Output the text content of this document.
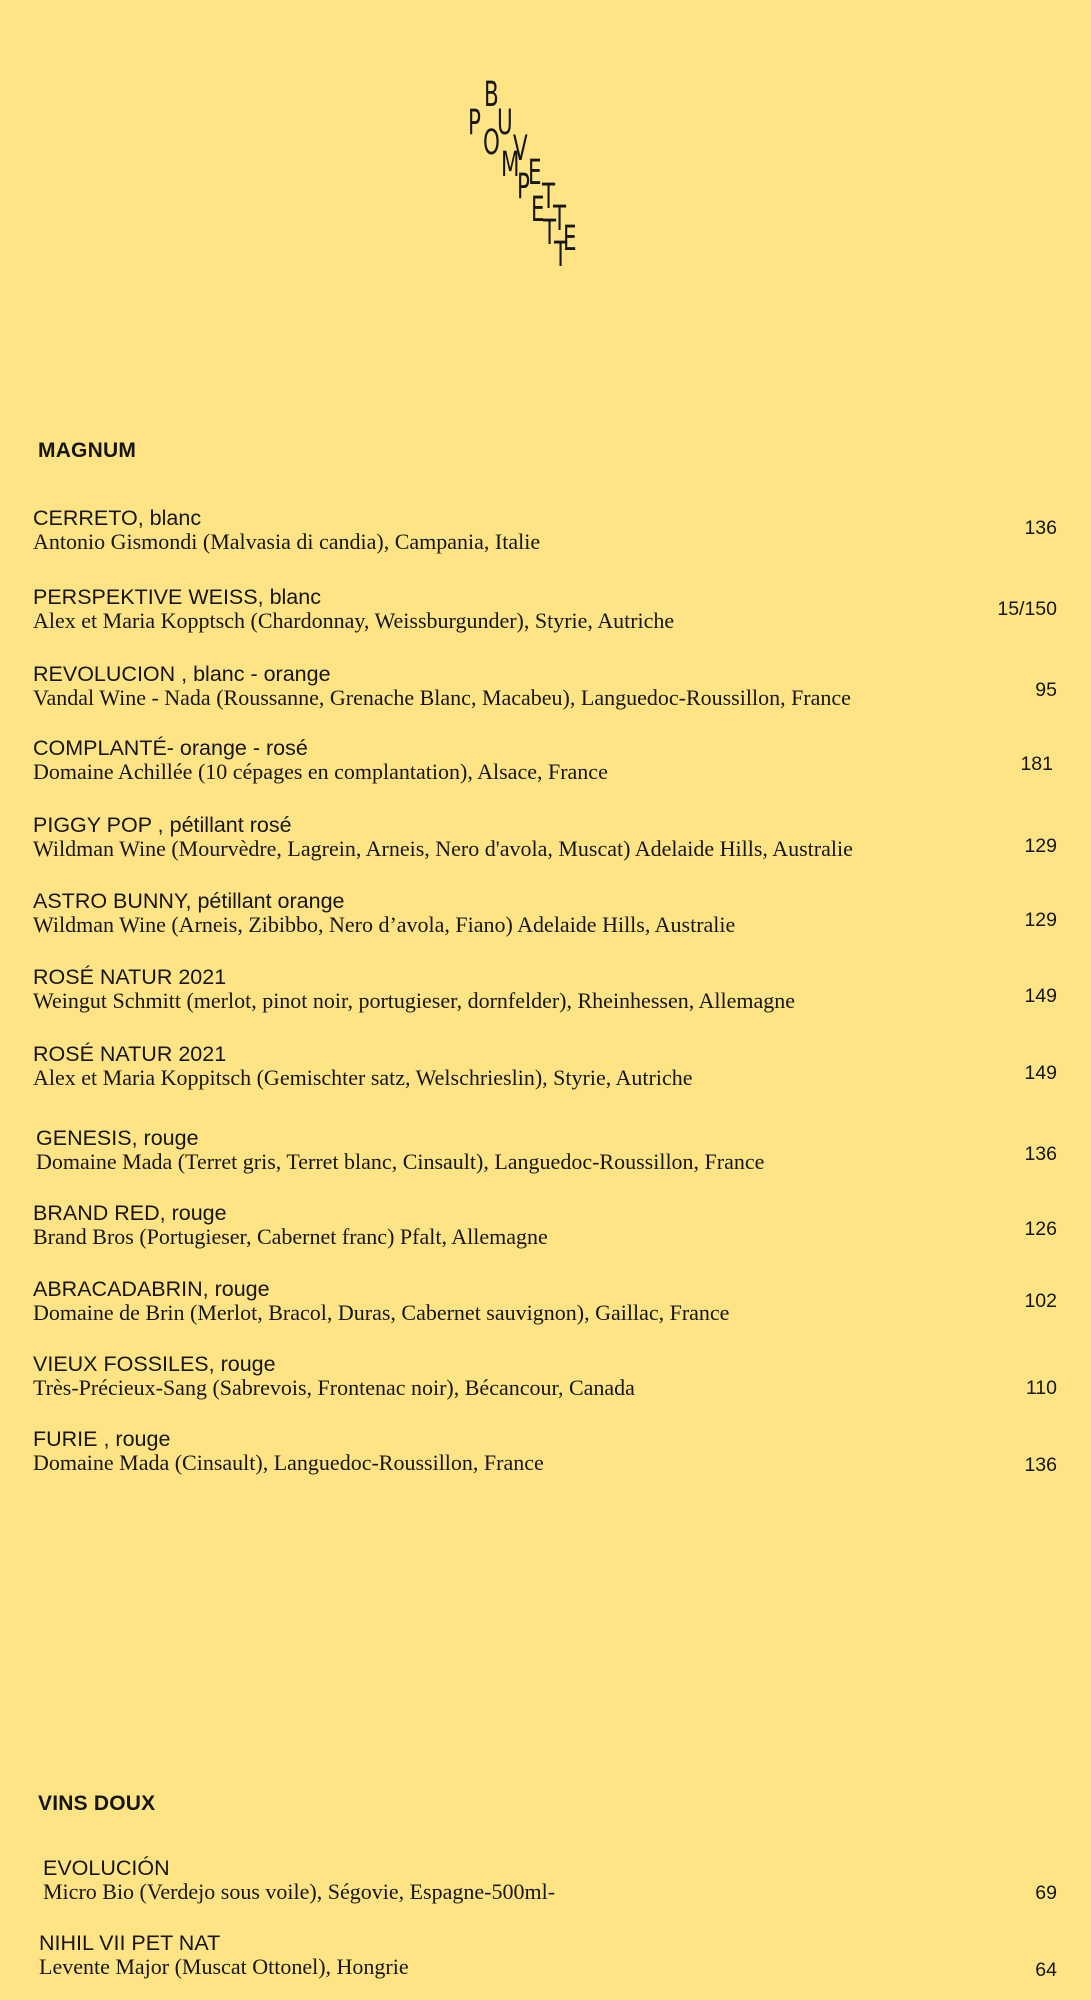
B
P U
O V
M E
P T
E T
T E
T
MAGNUM
CERRETO, blanc
Antonio Gismondi (Malvasia di candia), Campania, Italie
136
PERSPEKTIVE WEISS, blanc
Alex et Maria Kopptsch (Chardonnay, Weissburgunder), Styrie, Autriche	15/150
REVOLUCION , blanc - orange
Vandal Wine - Nada (Roussanne, Grenache Blanc, Macabeu), Languedoc-Roussillon, France	95
COMPLANTÉ- orange - rosé
Domaine Achillée (10 cépages en complantation), Alsace, France	181
PIGGY POP , pétillant rosé
Wildman Wine (Mourvèdre, Lagrein, Arneis, Nero d'avola, Muscat) Adelaide Hills, Australie	129
ASTRO BUNNY, pétillant orange
Wildman Wine (Arneis, Zibibbo, Nero d’avola, Fiano) Adelaide Hills, Australie	129
ROSÉ NATUR 2021
Weingut Schmitt (merlot, pinot noir, portugieser, dornfelder), Rheinhessen, Allemagne	149
ROSÉ NATUR 2021
Alex et Maria Koppitsch (Gemischter satz, Welschrieslin), Styrie, Autriche	149
GENESIS, rouge
Domaine Mada (Terret gris, Terret blanc, Cinsault), Languedoc-Roussillon, France	136
BRAND RED, rouge
Brand Bros (Portugieser, Cabernet franc) Pfalt, Allemagne	126
ABRACADABRIN, rouge
Domaine de Brin (Merlot, Bracol, Duras, Cabernet sauvignon), Gaillac, France	102
VIEUX FOSSILES, rouge
Très-Précieux-Sang (Sabrevois, Frontenac noir), Bécancour, Canada	110
FURIE , rouge
Domaine Mada (Cinsault), Languedoc-Roussillon, France	136
VINS DOUX
EVOLUCIÓN
Micro Bio (Verdejo sous voile), Ségovie, Espagne-500ml-	69
NIHIL VII PET NAT
Levente Major (Muscat Ottonel), Hongrie	64
